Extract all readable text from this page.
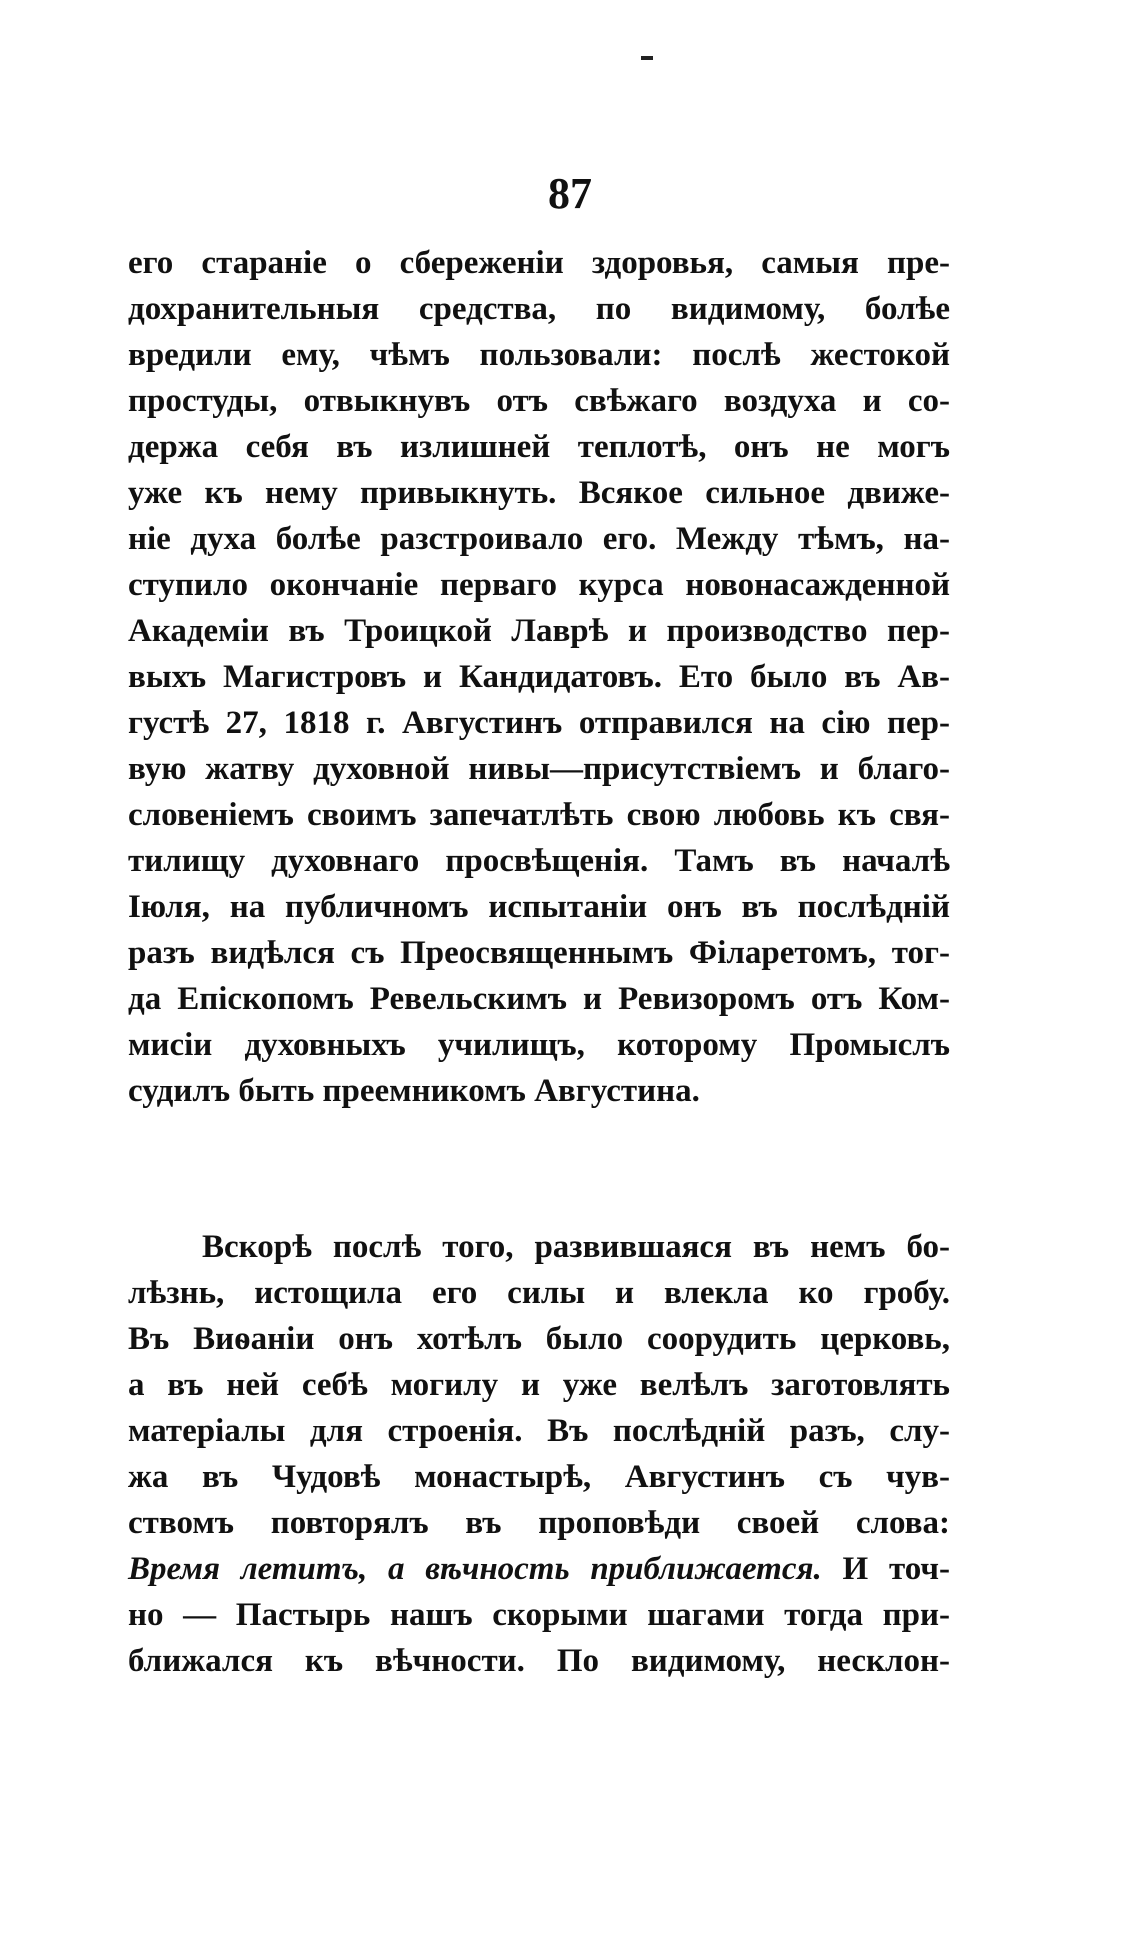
87
его стараніе о сбереженіи здоровья, самыя пре-
дохранительныя средства, по видимому, болѣе
вредили ему, чѣмъ пользовали: послѣ жестокой
простуды, отвыкнувъ отъ свѣжаго воздуха и со-
держа себя въ излишней теплотѣ, онъ не могъ
уже къ нему привыкнуть. Всякое сильное движе-
ніе духа болѣе разстроивало его. Между тѣмъ, на-
ступило окончаніе перваго курса новонасажденной
Академіи въ Троицкой Лаврѣ и производство пер-
выхъ Магистровъ и Кандидатовъ. Ето было въ Ав-
густѣ 27, 1818 г. Августинъ отправился на сію пер-
вую жатву духовной нивы—присутствіемъ и благо-
словеніемъ своимъ запечатлѣть свою любовь къ свя-
тилищу духовнаго просвѣщенія. Тамъ въ началѣ
Іюля, на публичномъ испытаніи онъ въ послѣдній
разъ видѣлся съ Преосвященнымъ Філаретомъ, тог-
да Епіскопомъ Ревельскимъ и Ревизоромъ отъ Ком-
мисіи духовныхъ училищъ, которому Промыслъ
судилъ быть преемникомъ Августина.
Вскорѣ послѣ того, развившаяся въ немъ бо-
лѣзнь, истощила его силы и влекла ко гробу.
Въ Виѳаніи онъ хотѣлъ было соорудить церковь,
а въ ней себѣ могилу и уже велѣлъ заготовлять
матеріалы для строенія. Въ послѣдній разъ, слу-
жа въ Чудовѣ монастырѣ, Августинъ съ чув-
ствомъ повторялъ въ проповѣди своей слова:
Время летитъ, а вѣчность приближается. И точ-
но — Пастырь нашъ скорыми шагами тогда при-
ближался къ вѣчности. По видимому, несклон-
